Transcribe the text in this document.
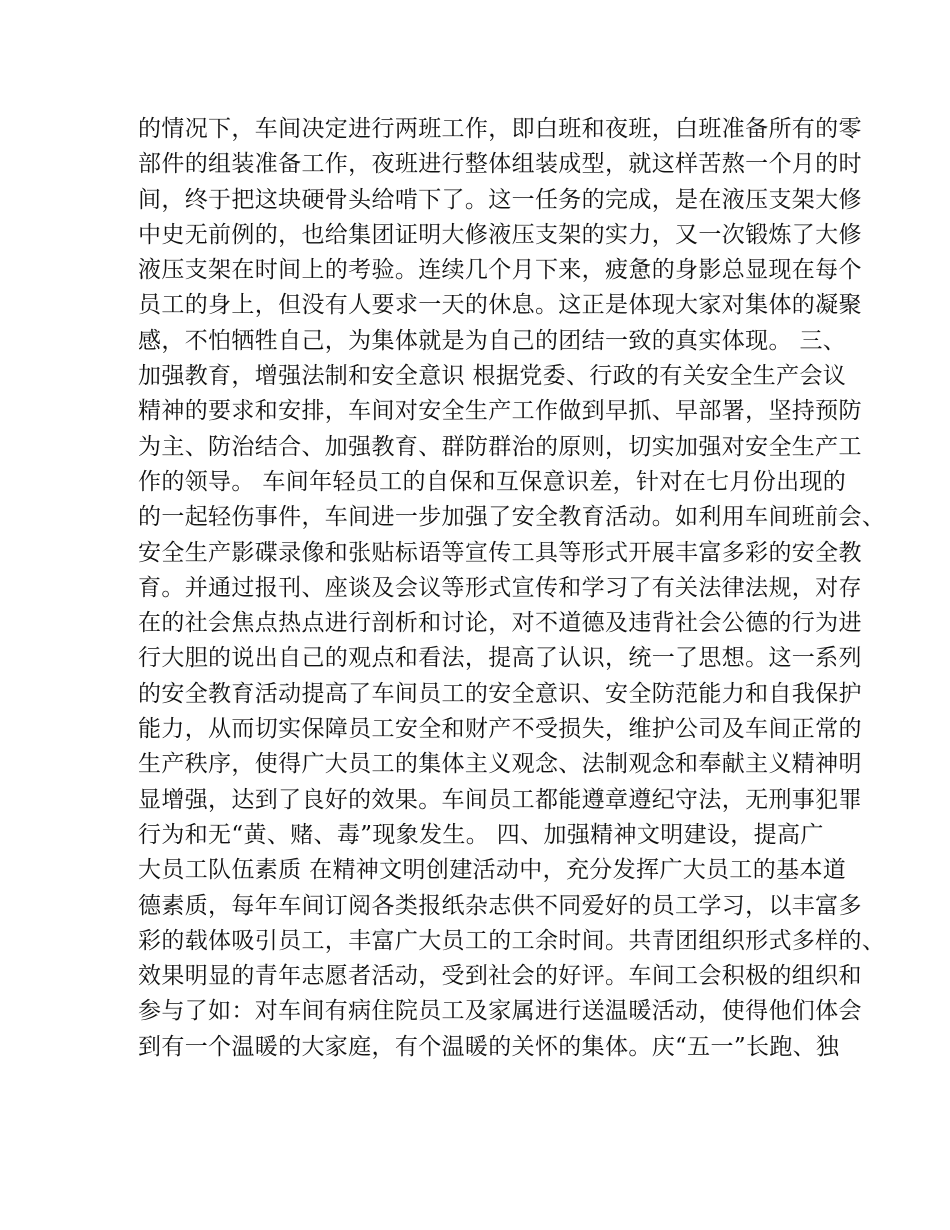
的情况下，车间决定进行两班工作，即白班和夜班，白班准备所有的零
部件的组装准备工作，夜班进行整体组装成型，就这样苦熬一个月的时
间，终于把这块硬骨头给啃下了。这一任务的完成，是在液压支架大修
中史无前例的，也给集团证明大修液压支架的实力，又一次锻炼了大修
液压支架在时间上的考验。连续几个月下来，疲惫的身影总显现在每个
员工的身上，但没有人要求一天的休息。这正是体现大家对集体的凝聚
感，不怕牺牲自己，为集体就是为自己的团结一致的真实体现。 三、
加强教育，增强法制和安全意识 根据党委、行政的有关安全生产会议
精神的要求和安排，车间对安全生产工作做到早抓、早部署，坚持预防
为主、防治结合、加强教育、群防群治的原则，切实加强对安全生产工
作的领导。 车间年轻员工的自保和互保意识差，针对在七月份出现的
的一起轻伤事件，车间进一步加强了安全教育活动。如利用车间班前会、
安全生产影碟录像和张贴标语等宣传工具等形式开展丰富多彩的安全教
育。并通过报刊、座谈及会议等形式宣传和学习了有关法律法规，对存
在的社会焦点热点进行剖析和讨论，对不道德及违背社会公德的行为进
行大胆的说出自己的观点和看法，提高了认识，统一了思想。这一系列
的安全教育活动提高了车间员工的安全意识、安全防范能力和自我保护
能力，从而切实保障员工安全和财产不受损失，维护公司及车间正常的
生产秩序，使得广大员工的集体主义观念、法制观念和奉献主义精神明
显增强，达到了良好的效果。车间员工都能遵章遵纪守法，无刑事犯罪
行为和无“黄、赌、毒”现象发生。 四、加强精神文明建设，提高广
大员工队伍素质 在精神文明创建活动中，充分发挥广大员工的基本道
德素质，每年车间订阅各类报纸杂志供不同爱好的员工学习，以丰富多
彩的载体吸引员工，丰富广大员工的工余时间。共青团组织形式多样的、
效果明显的青年志愿者活动，受到社会的好评。车间工会积极的组织和
参与了如：对车间有病住院员工及家属进行送温暖活动，使得他们体会
到有一个温暖的大家庭，有个温暖的关怀的集体。庆“五一”长跑、独
